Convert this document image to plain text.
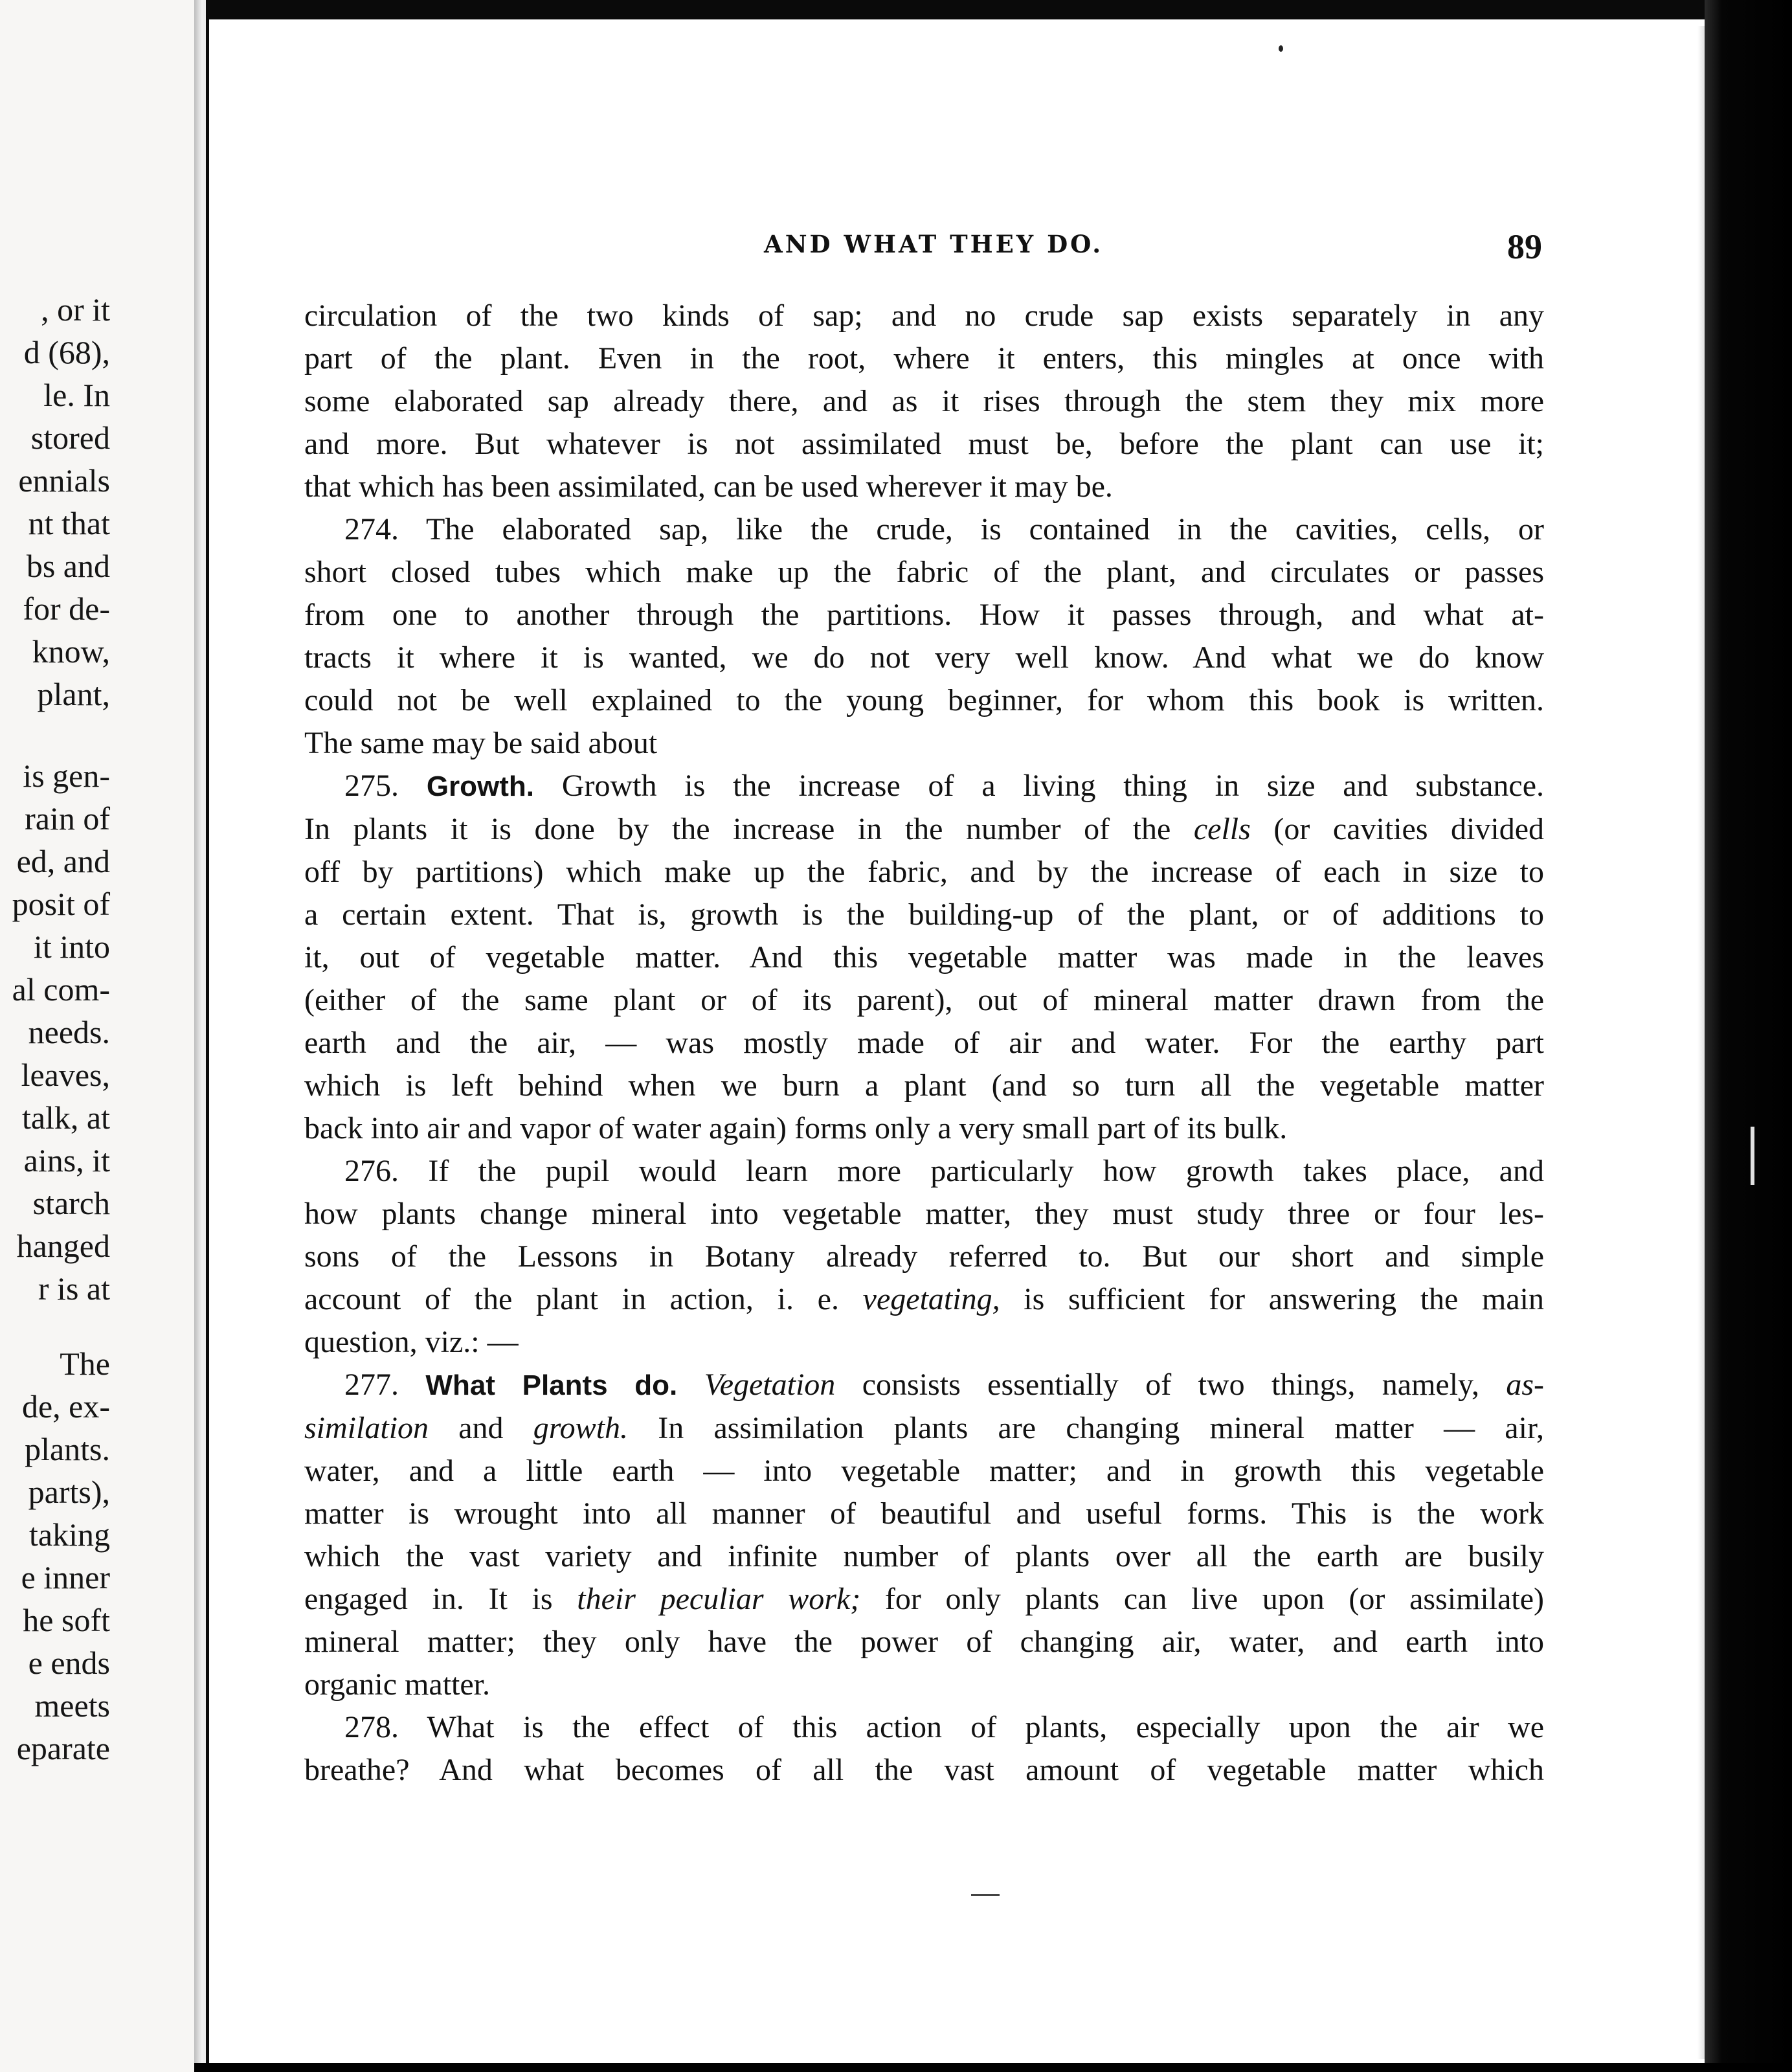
, or it
d (68),
le. In
stored
ennials
nt that
bs and
for de-
know,
plant,
is gen-
rain of
ed, and
posit of
it into
al com-
needs.
leaves,
talk, at
ains, it
starch
hanged
r is at
The
de, ex-
plants.
parts),
taking
e inner
he soft
e ends
meets
eparate
AND WHAT THEY DO.	89
circulation of the two kinds of sap; and no crude sap exists separately in any
part of the plant. Even in the root, where it enters, this mingles at once with
some elaborated sap already there, and as it rises through the stem they mix more
and more. But whatever is not assimilated must be, before the plant can use it;
that which has been assimilated, can be used wherever it may be.
274. The elaborated sap, like the crude, is contained in the cavities, cells, or
short closed tubes which make up the fabric of the plant, and circulates or passes
from one to another through the partitions. How it passes through, and what at-
tracts it where it is wanted, we do not very well know. And what we do know
could not be well explained to the young beginner, for whom this book is written.
The same may be said about
275. Growth. Growth is the increase of a living thing in size and substance.
In plants it is done by the increase in the number of the cells (or cavities divided
off by partitions) which make up the fabric, and by the increase of each in size to
a certain extent. That is, growth is the building-up of the plant, or of additions to
it, out of vegetable matter. And this vegetable matter was made in the leaves
(either of the same plant or of its parent), out of mineral matter drawn from the
earth and the air, — was mostly made of air and water. For the earthy part
which is left behind when we burn a plant (and so turn all the vegetable matter
back into air and vapor of water again) forms only a very small part of its bulk.
276. If the pupil would learn more particularly how growth takes place, and
how plants change mineral into vegetable matter, they must study three or four les-
sons of the Lessons in Botany already referred to. But our short and simple
account of the plant in action, i. e. vegetating, is sufficient for answering the main
question, viz.: —
277. What Plants do. Vegetation consists essentially of two things, namely, as-
similation and growth. In assimilation plants are changing mineral matter — air,
water, and a little earth — into vegetable matter; and in growth this vegetable
matter is wrought into all manner of beautiful and useful forms. This is the work
which the vast variety and infinite number of plants over all the earth are busily
engaged in. It is their peculiar work; for only plants can live upon (or assimilate)
mineral matter; they only have the power of changing air, water, and earth into
organic matter.
278. What is the effect of this action of plants, especially upon the air we
breathe? And what becomes of all the vast amount of vegetable matter which
